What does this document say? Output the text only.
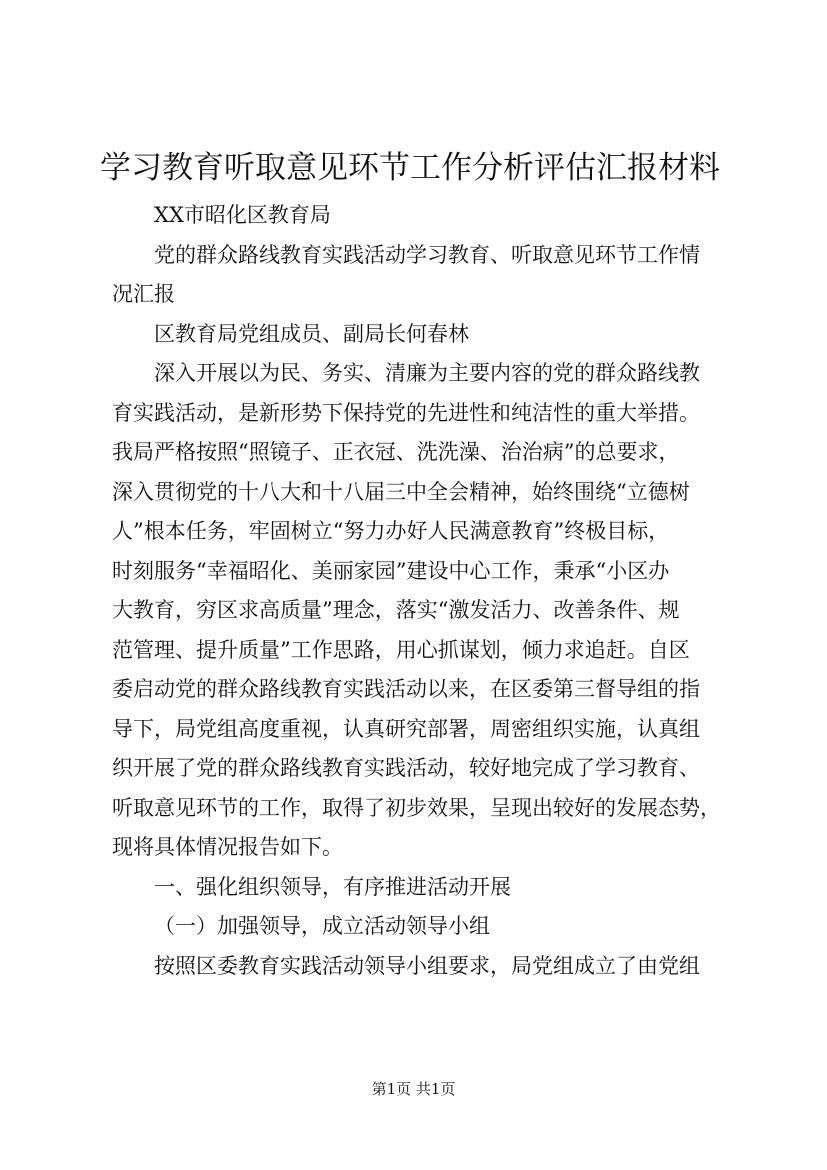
学习教育听取意见环节工作分析评估汇报材料
XX市昭化区教育局
党的群众路线教育实践活动学习教育、听取意见环节工作情
况汇报
区教育局党组成员、副局长何春林
深入开展以为民、务实、清廉为主要内容的党的群众路线教
育实践活动，是新形势下保持党的先进性和纯洁性的重大举措。
我局严格按照“照镜子、正衣冠、洗洗澡、治治病”的总要求，
深入贯彻党的十八大和十八届三中全会精神，始终围绕“立德树
人”根本任务，牢固树立“努力办好人民满意教育”终极目标，
时刻服务“幸福昭化、美丽家园”建设中心工作，秉承“小区办
大教育，穷区求高质量”理念，落实“激发活力、改善条件、规
范管理、提升质量”工作思路，用心抓谋划，倾力求追赶。自区
委启动党的群众路线教育实践活动以来，在区委第三督导组的指
导下，局党组高度重视，认真研究部署，周密组织实施，认真组
织开展了党的群众路线教育实践活动，较好地完成了学习教育、
听取意见环节的工作，取得了初步效果，呈现出较好的发展态势，
现将具体情况报告如下。
一、强化组织领导，有序推进活动开展
（一）加强领导，成立活动领导小组
按照区委教育实践活动领导小组要求，局党组成立了由党组
第1页 共1页
